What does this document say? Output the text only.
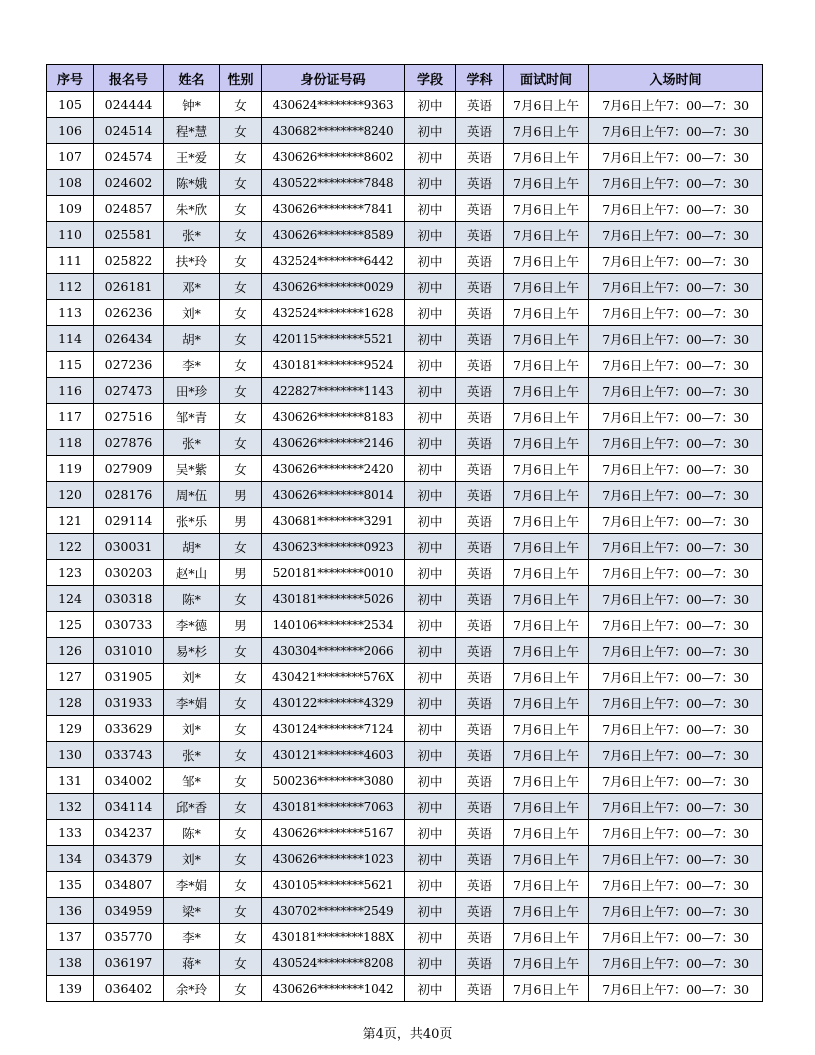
序号	报名号	姓名	性别	身份证号码	学段	学科	面试时间	入场时间
105	024444	钟*	女	430624********9363	初中	英语	7月6日上午	7月6日上午7：00—7：30
106	024514	程*慧	女	430682********8240	初中	英语	7月6日上午	7月6日上午7：00—7：30
107	024574	王*爱	女	430626********8602	初中	英语	7月6日上午	7月6日上午7：00—7：30
108	024602	陈*娥	女	430522********7848	初中	英语	7月6日上午	7月6日上午7：00—7：30
109	024857	朱*欣	女	430626********7841	初中	英语	7月6日上午	7月6日上午7：00—7：30
110	025581	张*	女	430626********8589	初中	英语	7月6日上午	7月6日上午7：00—7：30
111	025822	扶*玲	女	432524********6442	初中	英语	7月6日上午	7月6日上午7：00—7：30
112	026181	邓*	女	430626********0029	初中	英语	7月6日上午	7月6日上午7：00—7：30
113	026236	刘*	女	432524********1628	初中	英语	7月6日上午	7月6日上午7：00—7：30
114	026434	胡*	女	420115********5521	初中	英语	7月6日上午	7月6日上午7：00—7：30
115	027236	李*	女	430181********9524	初中	英语	7月6日上午	7月6日上午7：00—7：30
116	027473	田*珍	女	422827********1143	初中	英语	7月6日上午	7月6日上午7：00—7：30
117	027516	邹*青	女	430626********8183	初中	英语	7月6日上午	7月6日上午7：00—7：30
118	027876	张*	女	430626********2146	初中	英语	7月6日上午	7月6日上午7：00—7：30
119	027909	吴*紫	女	430626********2420	初中	英语	7月6日上午	7月6日上午7：00—7：30
120	028176	周*伍	男	430626********8014	初中	英语	7月6日上午	7月6日上午7：00—7：30
121	029114	张*乐	男	430681********3291	初中	英语	7月6日上午	7月6日上午7：00—7：30
122	030031	胡*	女	430623********0923	初中	英语	7月6日上午	7月6日上午7：00—7：30
123	030203	赵*山	男	520181********0010	初中	英语	7月6日上午	7月6日上午7：00—7：30
124	030318	陈*	女	430181********5026	初中	英语	7月6日上午	7月6日上午7：00—7：30
125	030733	李*德	男	140106********2534	初中	英语	7月6日上午	7月6日上午7：00—7：30
126	031010	易*杉	女	430304********2066	初中	英语	7月6日上午	7月6日上午7：00—7：30
127	031905	刘*	女	430421********576X	初中	英语	7月6日上午	7月6日上午7：00—7：30
128	031933	李*娟	女	430122********4329	初中	英语	7月6日上午	7月6日上午7：00—7：30
129	033629	刘*	女	430124********7124	初中	英语	7月6日上午	7月6日上午7：00—7：30
130	033743	张*	女	430121********4603	初中	英语	7月6日上午	7月6日上午7：00—7：30
131	034002	邹*	女	500236********3080	初中	英语	7月6日上午	7月6日上午7：00—7：30
132	034114	邱*香	女	430181********7063	初中	英语	7月6日上午	7月6日上午7：00—7：30
133	034237	陈*	女	430626********5167	初中	英语	7月6日上午	7月6日上午7：00—7：30
134	034379	刘*	女	430626********1023	初中	英语	7月6日上午	7月6日上午7：00—7：30
135	034807	李*娟	女	430105********5621	初中	英语	7月6日上午	7月6日上午7：00—7：30
136	034959	梁*	女	430702********2549	初中	英语	7月6日上午	7月6日上午7：00—7：30
137	035770	李*	女	430181********188X	初中	英语	7月6日上午	7月6日上午7：00—7：30
138	036197	蒋*	女	430524********8208	初中	英语	7月6日上午	7月6日上午7：00—7：30
139	036402	余*玲	女	430626********1042	初中	英语	7月6日上午	7月6日上午7：00—7：30
第4页，共40页
